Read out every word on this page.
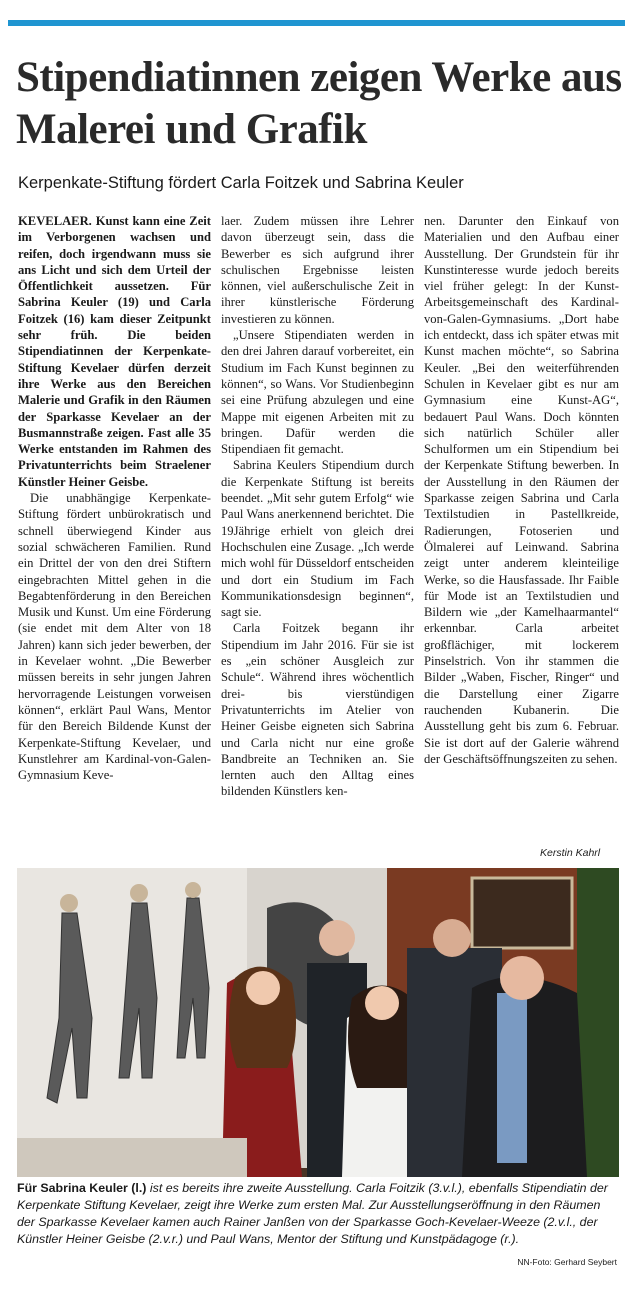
Stipendiatinnen zeigen Werke aus Malerei und Grafik
Kerpenkate-Stiftung fördert Carla Foitzek und Sabrina Keuler

KEVELAER. Kunst kann eine Zeit im Verborgenen wachsen und reifen, doch irgendwann muss sie ans Licht und sich dem Urteil der Öffentlichkeit aussetzen. Für Sabrina Keuler (19) und Carla Foitzek (16) kam dieser Zeitpunkt sehr früh. Die beiden Stipendiatinnen der Kerpenkate-Stiftung Kevelaer dürfen derzeit ihre Werke aus den Bereichen Malerie und Grafik in den Räumen der Sparkasse Kevelaer an der Busmannstraße zeigen. Fast alle 35 Werke entstanden im Rahmen des Privatunterrichts beim Straelener Künstler Heiner Geisbe.

Die unabhängige Kerpenkate-Stiftung fördert unbürokratisch und schnell überwiegend Kinder aus sozial schwächeren Familien. Rund ein Drittel der von den drei Stiftern eingebrachten Mittel gehen in die Begabtenförderung in den Bereichen Musik und Kunst. Um eine Förderung (sie endet mit dem Alter von 18 Jahren) kann sich jeder bewerben, der in Kevelaer wohnt. „Die Bewerber müssen bereits in sehr jungen Jahren hervorragende Leistungen vorweisen können“, erklärt Paul Wans, Mentor für den Bereich Bildende Kunst der Kerpenkate-Stiftung Kevelaer, und Kunstlehrer am Kardinal-von-Galen-Gymnasium Keve-

laer. Zudem müssen ihre Lehrer davon überzeugt sein, dass die Bewerber es sich aufgrund ihrer schulischen Ergebnisse leisten können, viel außerschulische Zeit in ihrer künstlerische Förderung investieren zu können.

„Unsere Stipendiaten werden in den drei Jahren darauf vorbereitet, ein Studium im Fach Kunst beginnen zu können“, so Wans. Vor Studienbeginn sei eine Prüfung abzulegen und eine Mappe mit eigenen Arbeiten mit zu bringen. Dafür werden die Stipendiaen fit gemacht.

Sabrina Keulers Stipendium durch die Kerpenkate Stiftung ist bereits beendet. „Mit sehr gutem Erfolg“ wie Paul Wans anerkennend berichtet. Die 19Jährige erhielt von gleich drei Hochschulen eine Zusage. „Ich werde mich wohl für Düsseldorf entscheiden und dort ein Studium im Fach Kommunikationsdesign beginnen“, sagt sie.

Carla Foitzek begann ihr Stipendium im Jahr 2016. Für sie ist es „ein schöner Ausgleich zur Schule“. Während ihres wöchentlich drei- bis vierstündigen Privatunterrichts im Atelier von Heiner Geisbe eigneten sich Sabrina und Carla nicht nur eine große Bandbreite an Techniken an. Sie lernten auch den Alltag eines bildenden Künstlers ken-

nen. Darunter den Einkauf von Materialien und den Aufbau einer Ausstellung. Der Grundstein für ihr Kunstinteresse wurde jedoch bereits viel früher gelegt: In der Kunst-Arbeitsgemeinschaft des Kardinal-von-Galen-Gymnasiums. „Dort habe ich entdeckt, dass ich später etwas mit Kunst machen möchte“, so Sabrina Keuler. „Bei den weiterführenden Schulen in Kevelaer gibt es nur am Gymnasium eine Kunst-AG“, bedauert Paul Wans. Doch könnten sich natürlich Schüler aller Schulformen um ein Stipendium bei der Kerpenkate Stiftung bewerben. In der Ausstellung in den Räumen der Sparkasse zeigen Sabrina und Carla Textilstudien in Pastellkreide, Radierungen, Fotoserien und Ölmalerei auf Leinwand. Sabrina zeigt unter anderem kleinteilige Werke, so die Hausfassade. Ihr Faible für Mode ist an Textilstudien und Bildern wie „der Kamelhaarmantel“ erkennbar. Carla arbeitet großflächiger, mit lockerem Pinselstrich. Von ihr stammen die Bilder „Waben, Fischer, Ringer“ und die Darstellung einer Zigarre rauchenden Kubanerin. Die Ausstellung geht bis zum 6. Februar. Sie ist dort auf der Galerie während der Geschäftsöffnungszeiten zu sehen.

Kerstin Kahrl
Für Sabrina Keuler (l.) ist es bereits ihre zweite Ausstellung. Carla Foitzik (3.v.l.), ebenfalls Stipendiatin der Kerpenkate Stiftung Kevelaer, zeigt ihre Werke zum ersten Mal. Zur Ausstellungseröffnung in den Räumen der Sparkasse Kevelaer kamen auch Rainer Janßen von der Sparkasse Goch-Kevelaer-Weeze (2.v.l., der Künstler Heiner Geisbe (2.v.r.) und Paul Wans, Mentor der Stiftung und Kunstpädagoge (r.).
NN-Foto: Gerhard Seybert
